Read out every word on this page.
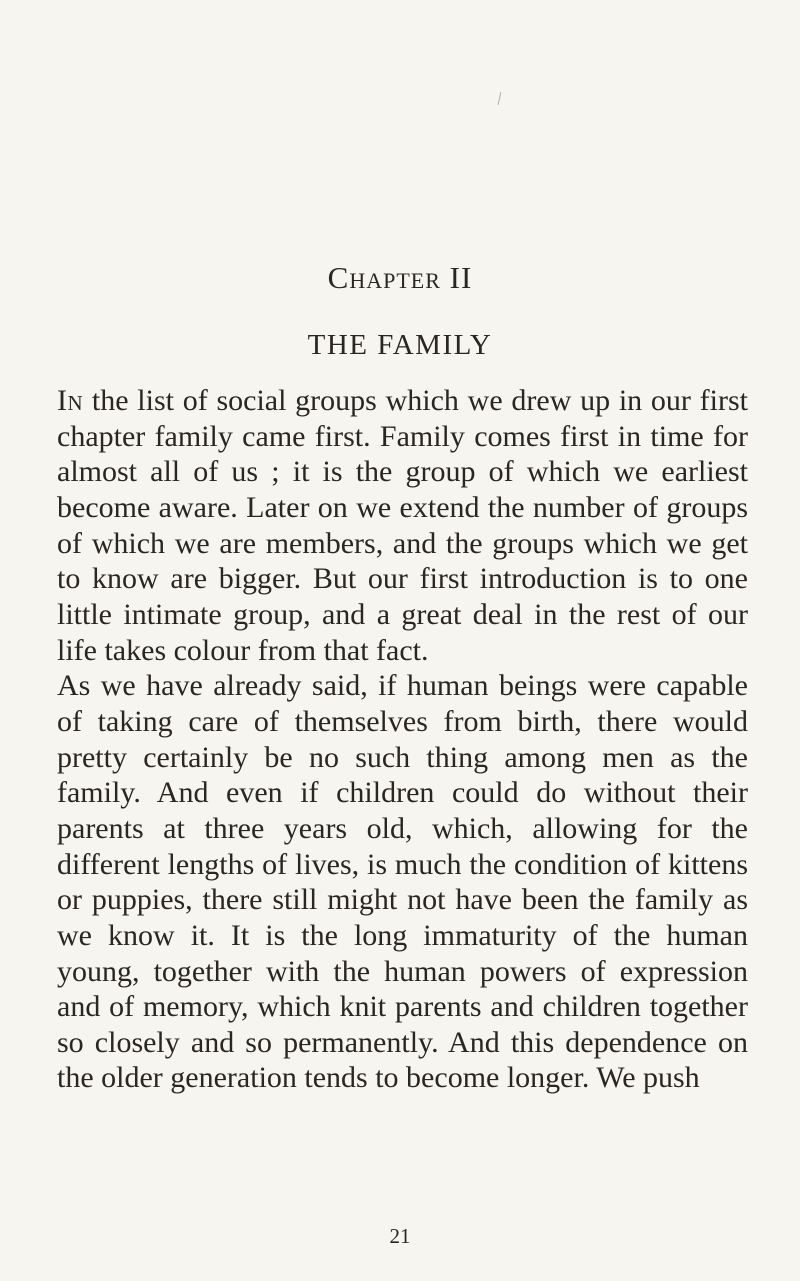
Chapter II
THE FAMILY

In the list of social groups which we drew up in our first chapter family came first. Family comes first in time for almost all of us ; it is the group of which we earliest become aware. Later on we extend the number of groups of which we are members, and the groups which we get to know are bigger. But our first introduction is to one little intimate group, and a great deal in the rest of our life takes colour from that fact.

As we have already said, if human beings were capable of taking care of themselves from birth, there would pretty certainly be no such thing among men as the family. And even if children could do without their parents at three years old, which, allowing for the different lengths of lives, is much the condition of kittens or puppies, there still might not have been the family as we know it. It is the long immaturity of the human young, together with the human powers of expression and of memory, which knit parents and children together so closely and so permanently. And this dependence on the older generation tends to become longer. We push

21
